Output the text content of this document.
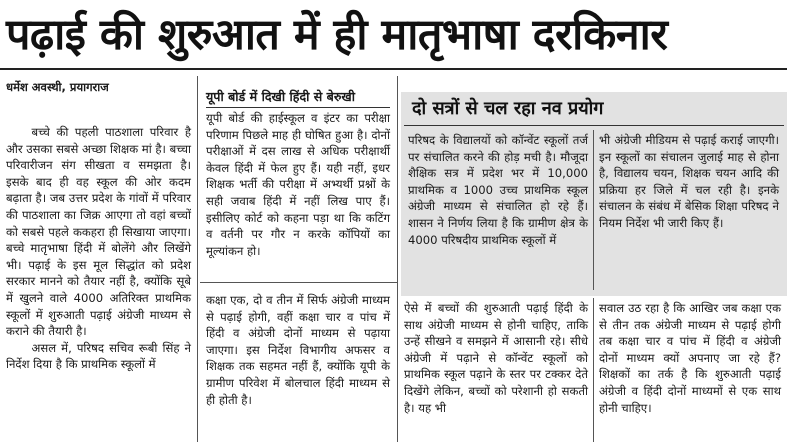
पढ़ाई की शुरुआत में ही मातृभाषा दरकिनार

धर्मेश अवस्थी, प्रयागराज

बच्चे की पहली पाठशाला परिवार है और उसका सबसे अच्छा शिक्षक मां है। बच्चा परिवारीजन संग सीखता व समझता है। इसके बाद ही वह स्कूल की ओर कदम बढ़ाता है। जब उत्तर प्रदेश के गांवों में परिवार की पाठशाला का जिक्र आएगा तो वहां बच्चों को सबसे पहले ककहरा ही सिखाया जाएगा। बच्चे मातृभाषा हिंदी में बोलेंगे और लिखेंगे भी। पढ़ाई के इस मूल सिद्धांत को प्रदेश सरकार मानने को तैयार नहीं है, क्योंकि सूबे में खुलने वाले 4000 अतिरिक्त प्राथमिक स्कूलों में शुरुआती पढ़ाई अंग्रेजी माध्यम से कराने की तैयारी है।

असल में, परिषद सचिव रूबी सिंह ने निर्देश दिया है कि प्राथमिक स्कूलों में

यूपी बोर्ड में दिखी हिंदी से बेरुखी

यूपी बोर्ड की हाईस्कूल व इंटर का परीक्षा परिणाम पिछले माह ही घोषित हुआ है। दोनों परीक्षाओं में दस लाख से अधिक परीक्षार्थी केवल हिंदी में फेल हुए हैं। यही नहीं, इधर शिक्षक भर्ती की परीक्षा में अभ्यर्थी प्रश्नों के सही जवाब हिंदी में नहीं लिख पाए हैं। इसीलिए कोर्ट को कहना पड़ा था कि कटिंग व वर्तनी पर गौर न करके कॉपियों का मूल्यांकन हो।

कक्षा एक, दो व तीन में सिर्फ अंग्रेजी माध्यम से पढ़ाई होगी, वहीं कक्षा चार व पांच में हिंदी व अंग्रेजी दोनों माध्यम से पढ़ाया जाएगा। इस निर्देश विभागीय अफसर व शिक्षक तक सहमत नहीं हैं, क्योंकि यूपी के ग्रामीण परिवेश में बोलचाल हिंदी माध्यम से ही होती है।

दो सत्रों से चल रहा नव प्रयोग

परिषद के विद्यालयों को कॉन्वेंट स्कूलों तर्ज पर संचालित करने की होड़ मची है। मौजूदा शैक्षिक सत्र में प्रदेश भर में 10,000 प्राथमिक व 1000 उच्च प्राथमिक स्कूल अंग्रेजी माध्यम से संचालित हो रहे हैं। शासन ने निर्णय लिया है कि ग्रामीण क्षेत्र के 4000 परिषदीय प्राथमिक स्कूलों में

भी अंग्रेजी मीडियम से पढ़ाई कराई जाएगी। इन स्कूलों का संचालन जुलाई माह से होना है, विद्यालय चयन, शिक्षक चयन आदि की प्रक्रिया हर जिले में चल रही है। इनके संचालन के संबंध में बेसिक शिक्षा परिषद ने नियम निर्देश भी जारी किए हैं।

ऐसे में बच्चों की शुरुआती पढ़ाई हिंदी के साथ अंग्रेजी माध्यम से होनी चाहिए, ताकि उन्हें सीखने व समझने में आसानी रहे। सीधे अंग्रेजी में पढ़ाने से कॉन्वेंट स्कूलों को प्राथमिक स्कूल पढ़ाने के स्तर पर टक्कर देते दिखेंगे लेकिन, बच्चों को परेशानी हो सकती है। यह भी

सवाल उठ रहा है कि आखिर जब कक्षा एक से तीन तक अंग्रेजी माध्यम से पढ़ाई होगी तब कक्षा चार व पांच में हिंदी व अंग्रेजी दोनों माध्यम क्यों अपनाए जा रहे हैं? शिक्षकों का तर्क है कि शुरुआती पढ़ाई अंग्रेजी व हिंदी दोनों माध्यमों से एक साथ होनी चाहिए।
